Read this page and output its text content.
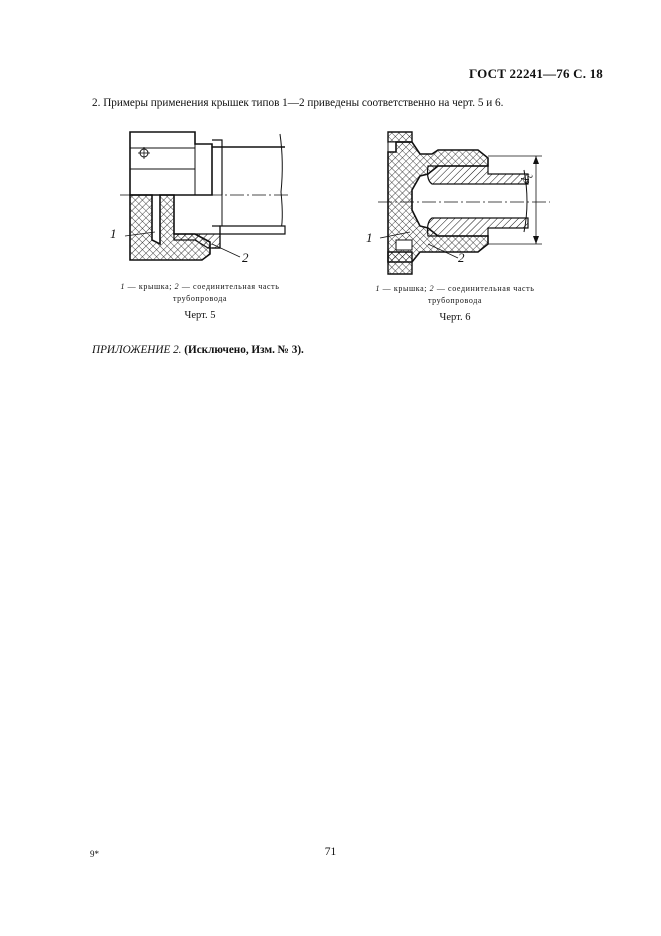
ГОСТ 22241—76 С. 18
2. Примеры применения крышек типов 1—2 приведены соответственно на черт. 5 и 6.
1
2
1 — крышка; 2 — соединительная часть
трубопровода
Черт. 5
1
2
$d_c$
1 — крышка; 2 — соединительная часть
трубопровода
Черт. 6
ПРИЛОЖЕНИЕ 2. (Исключено, Изм. № 3).
9*	71
